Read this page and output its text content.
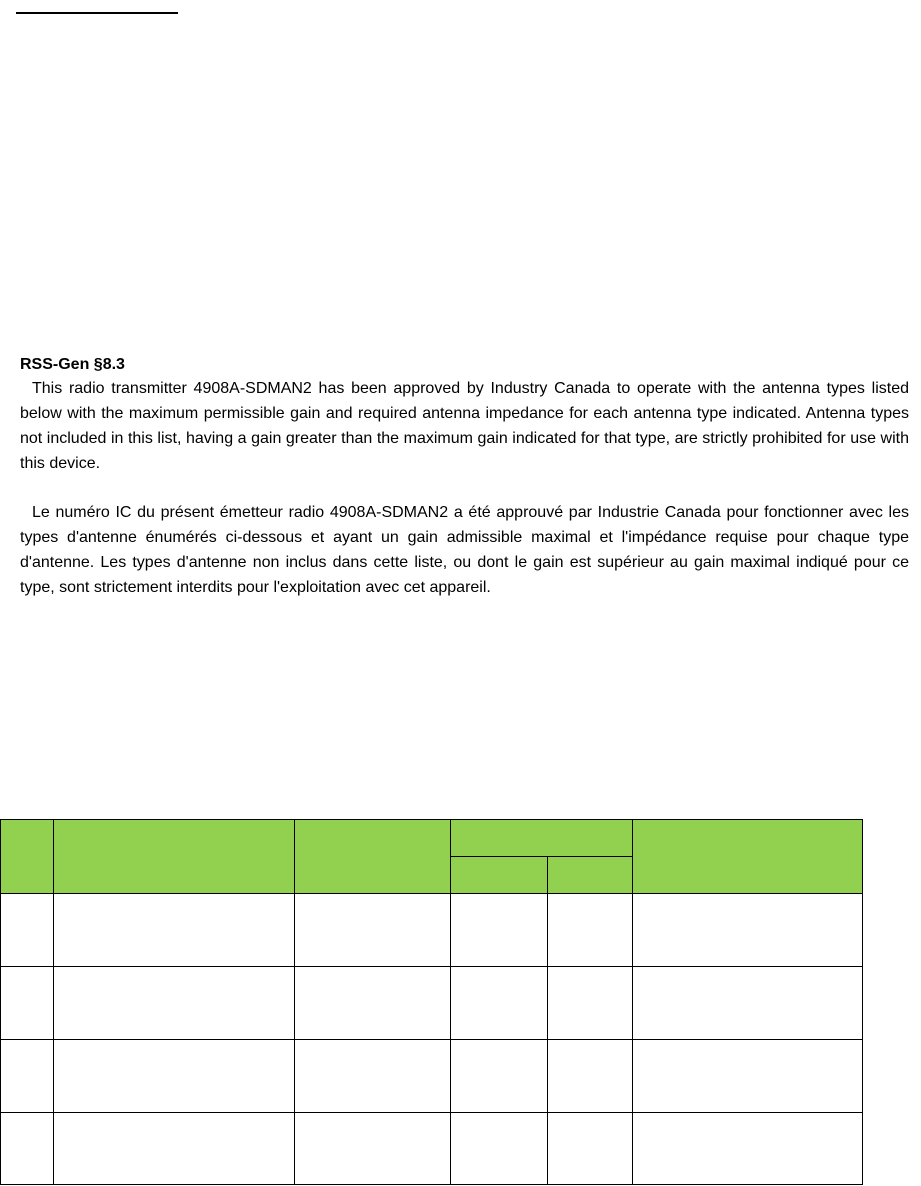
RSS-Gen §8.3

This radio transmitter 4908A-SDMAN2 has been approved by Industry Canada to operate with the antenna types listed below with the maximum permissible gain and required antenna impedance for each antenna type indicated. Antenna types not included in this list, having a gain greater than the maximum gain indicated for that type, are strictly prohibited for use with this device.

Le numéro IC du présent émetteur radio 4908A-SDMAN2 a été approuvé par Industrie Canada pour fonctionner avec les types d'antenne énumérés ci-dessous et ayant un gain admissible maximal et l'impédance requise pour chaque type d'antenne. Les types d'antenne non inclus dans cette liste, ou dont le gain est supérieur au gain maximal indiqué pour ce type, sont strictement interdits pour l'exploitation avec cet appareil.
